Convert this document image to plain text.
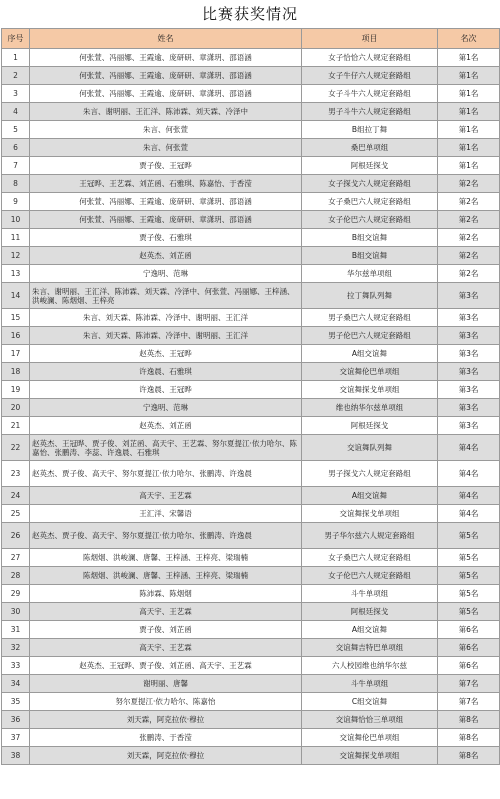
比赛获奖情况
序号	姓名	项目	名次
1	何张萱、冯丽娜、王霞逾、庞研研、章潇玥、邵语涵	女子恰恰六人规定套路组	第1名
2	何张萱、冯丽娜、王霞逾、庞研研、章潇玥、邵语涵	女子牛仔六人规定套路组	第1名
3	何张萱、冯丽娜、王霞逾、庞研研、章潇玥、邵语涵	女子斗牛六人规定套路组	第1名
4	朱言、谢明丽、王汇洋、陈沛霖、刘天霖、冷泽中	男子斗牛六人规定套路组	第1名
5	朱言、何张萱	B组拉丁舞	第1名
6	朱言、何张萱	桑巴单项组	第1名
7	贾子俊、王冠晔	阿根廷探戈	第1名
8	王冠晔、王艺霖、刘芷函、石雅琪、陈嘉怡、于香滢	女子探戈六人规定套路组	第2名
9	何张萱、冯丽娜、王霞逾、庞研研、章潇玥、邵语涵	女子桑巴六人规定套路组	第2名
10	何张萱、冯丽娜、王霞逾、庞研研、章潇玥、邵语涵	女子伦巴六人规定套路组	第2名
11	贾子俊、石雅琪	B组交谊舞	第2名
12	赵英杰、刘芷函	B组交谊舞	第2名
13	宁逸明、范琳	华尔兹单项组	第2名
14	朱言、谢明丽、王汇洋、陈沛霖、刘天霖、冷泽中、何张萱、冯丽娜、王梓涵、洪峻澜、陈烟烟、王梓亮	拉丁舞队列舞	第3名
15	朱言、刘天霖、陈沛霖、冷泽中、谢明丽、王汇洋	男子桑巴六人规定套路组	第3名
16	朱言、刘天霖、陈沛霖、冷泽中、谢明丽、王汇洋	男子伦巴六人规定套路组	第3名
17	赵英杰、王冠晔	A组交谊舞	第3名
18	许逸晨、石雅琪	交谊舞伦巴单项组	第3名
19	许逸晨、王冠晔	交谊舞探戈单项组	第3名
20	宁逸明、范琳	维也纳华尔兹单项组	第3名
21	赵英杰、刘芷函	阿根廷探戈	第3名
22	赵英杰、王冠晔、贾子俊、刘芷函、高天宇、王艺霖、努尔夏提江·依力哈尔、陈嘉怡、张鹏涛、李蕊、许逸晨、石雅琪	交谊舞队列舞	第4名
23	赵英杰、贾子俊、高天宇、努尔夏提江·依力哈尔、张鹏涛、许逸晨	男子探戈六人规定套路组	第4名
24	高天宇、王艺霖	A组交谊舞	第4名
25	王汇洋、宋馨语	交谊舞探戈单项组	第4名
26	赵英杰、贾子俊、高天宇、努尔夏提江·依力哈尔、张鹏涛、许逸晨	男子华尔兹六人规定套路组	第5名
27	陈烟烟、洪峻澜、唐馨、王梓涵、王梓亮、梁瑞楠	女子桑巴六人规定套路组	第5名
28	陈烟烟、洪峻澜、唐馨、王梓涵、王梓亮、梁瑞楠	女子伦巴六人规定套路组	第5名
29	陈沛霖、陈烟烟	斗牛单项组	第5名
30	高天宇、王艺霖	阿根廷探戈	第5名
31	贾子俊、刘芷函	A组交谊舞	第6名
32	高天宇、王艺霖	交谊舞吉特巴单项组	第6名
33	赵英杰、王冠晔、贾子俊、刘芷函、高天宇、王艺霖	六人校园维也纳华尔兹	第6名
34	谢明丽、唐馨	斗牛单项组	第7名
35	努尔夏提江·依力哈尔、陈嘉怡	C组交谊舞	第7名
36	刘天霖，阿克拉依·穆拉	交谊舞恰恰三单项组	第8名
37	张鹏涛、于香滢	交谊舞伦巴单项组	第8名
38	刘天霖，阿克拉依·穆拉	交谊舞探戈单项组	第8名
